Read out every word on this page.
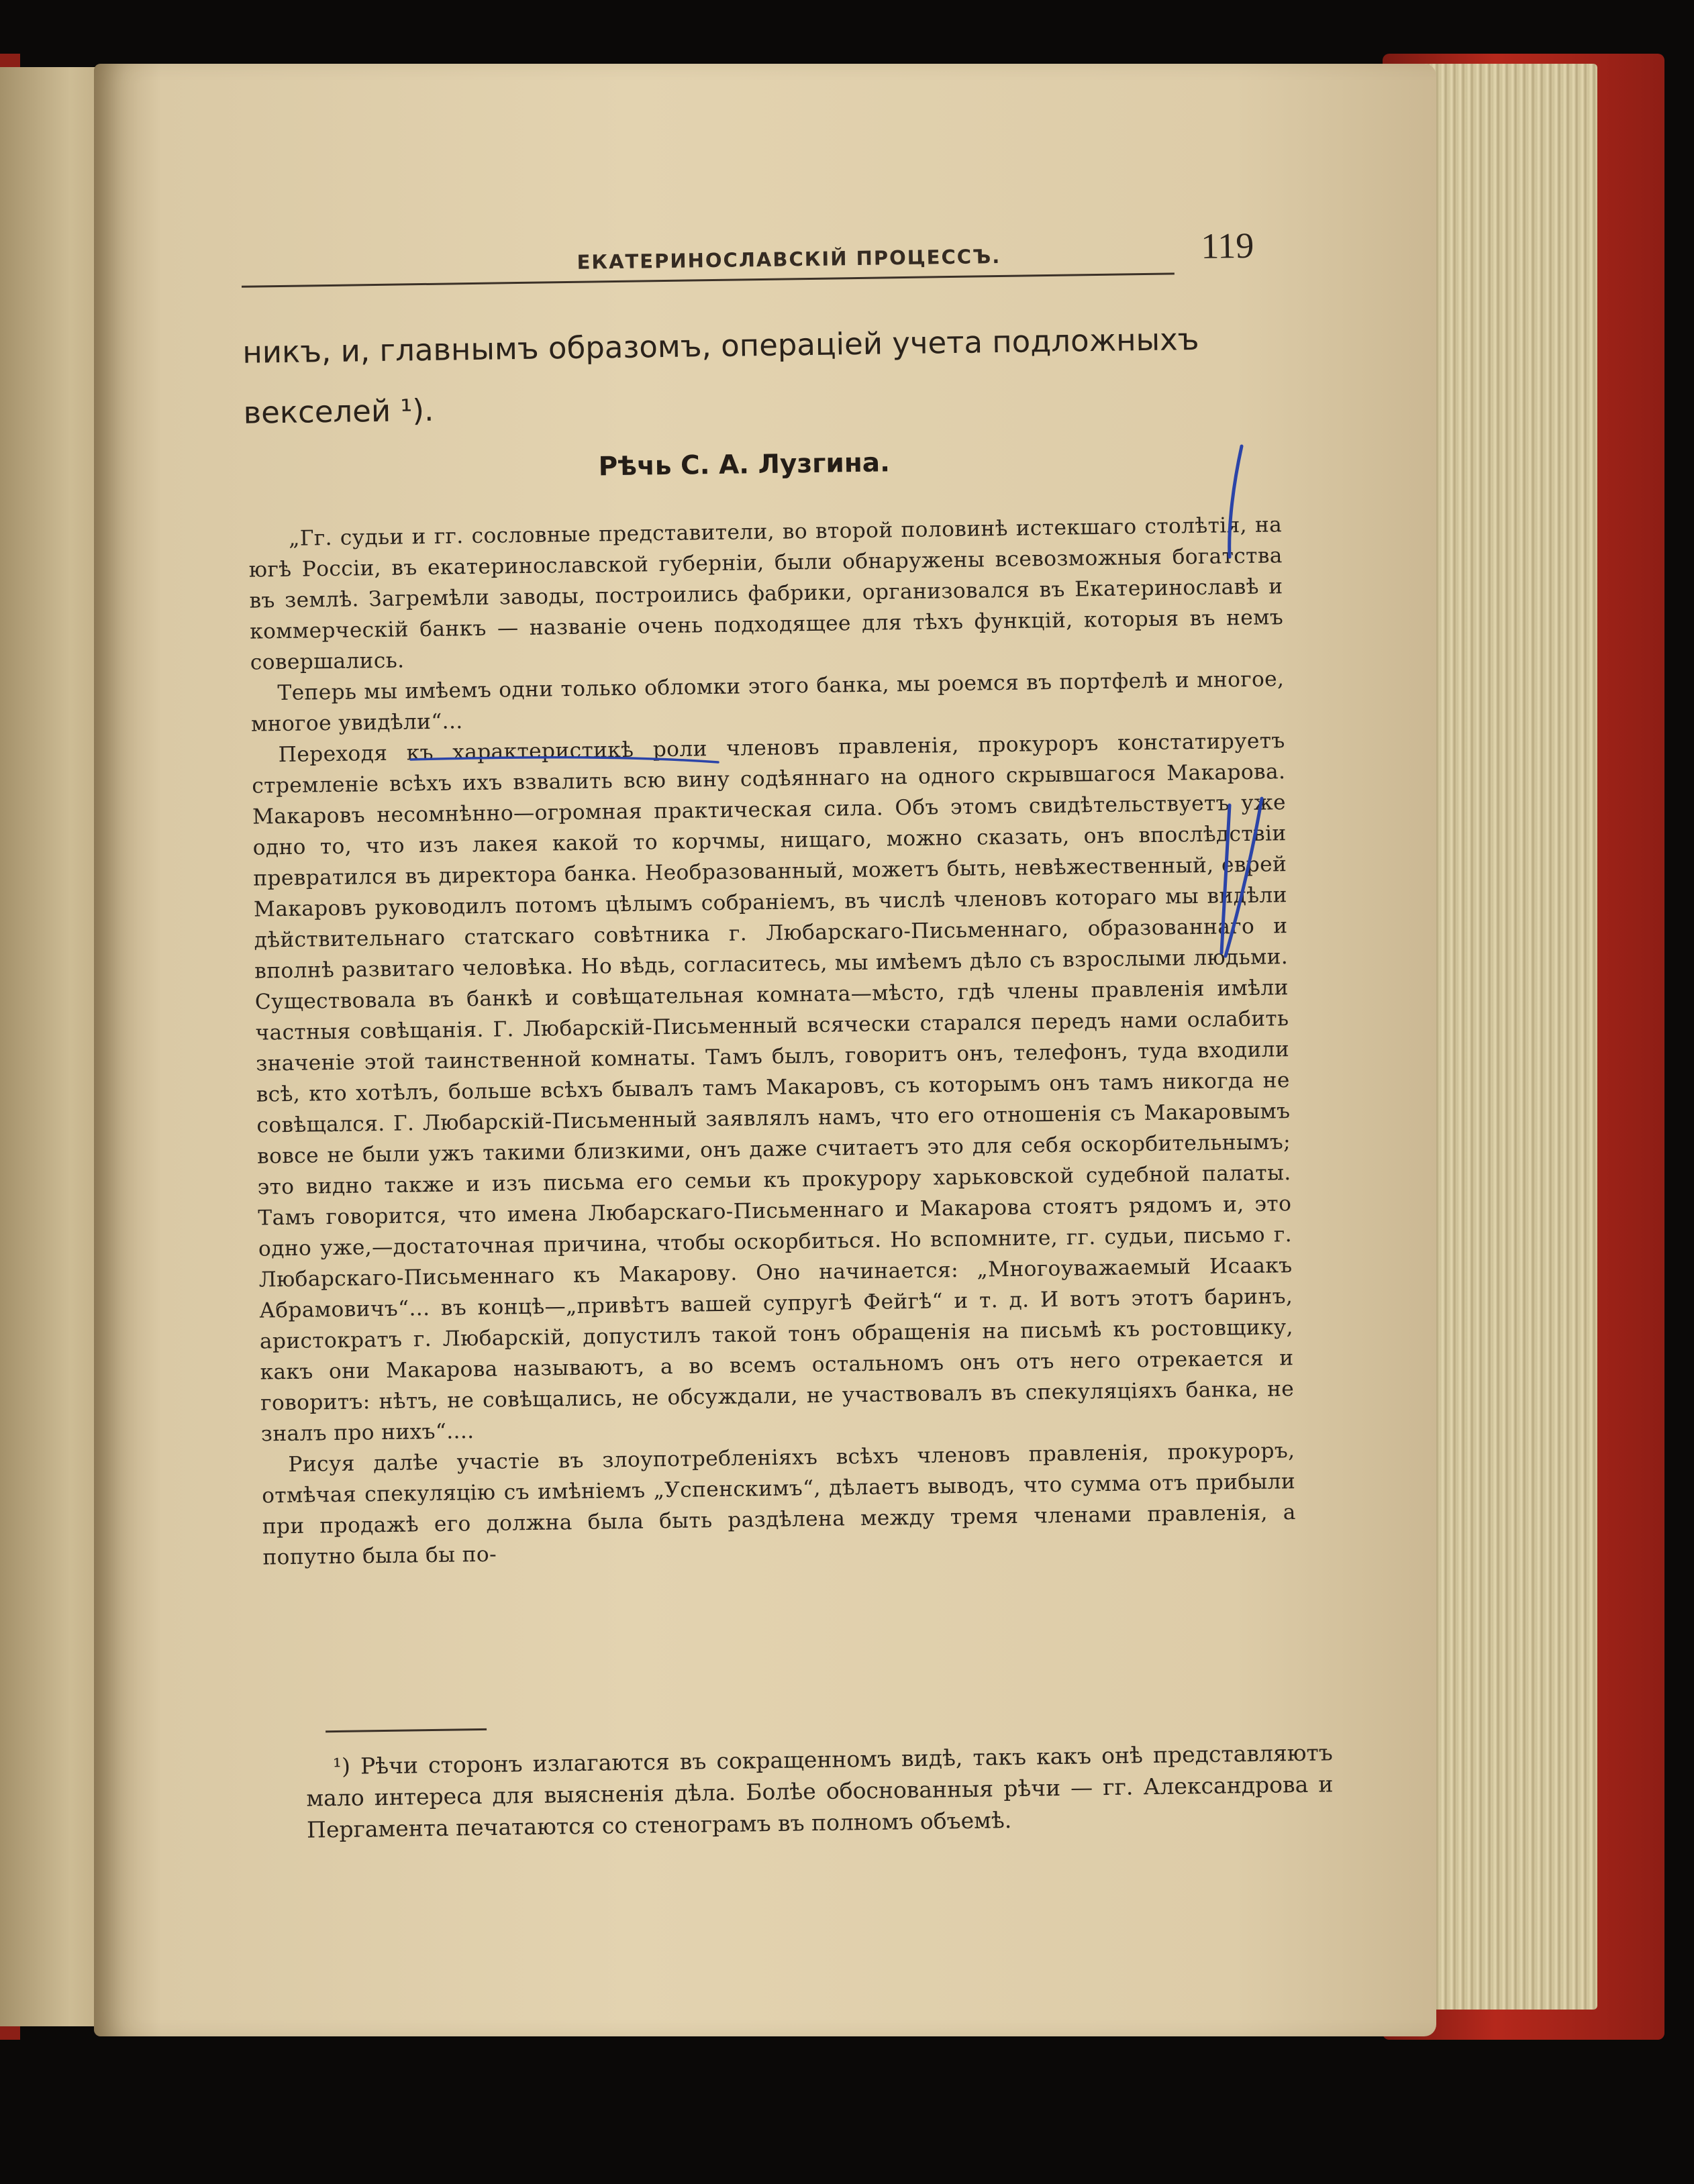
ЕКАТЕРИНОСЛАВСКІЙ ПРОЦЕССЪ.	119
никъ, и, главнымъ образомъ, операціей учета подложныхъ векселей ¹).
Рѣчь С. А. Лузгина.

„Гг. судьи и гг. сословные представители, во второй половинѣ истекшаго столѣтія, на югѣ Россіи, въ екатеринославской губерніи, были обнаружены всевозможныя богатства въ землѣ. Загремѣли заводы, построились фабрики, организовался въ Екатеринославѣ и коммерческій банкъ — названіе очень подходящее для тѣхъ функцій, которыя въ немъ совершались.

Теперь мы имѣемъ одни только обломки этого банка, мы роемся въ портфелѣ и многое, многое увидѣли“...

Переходя къ характеристикѣ роли членовъ правленія, прокуроръ констатируетъ стремленіе всѣхъ ихъ взвалить всю вину содѣяннаго на одного скрывшагося Макарова. Макаровъ несомнѣнно—огромная практическая сила. Объ этомъ свидѣтельствуетъ уже одно то, что изъ лакея какой то корчмы, нищаго, можно сказать, онъ впослѣдствіи превратился въ директора банка. Необразованный, можетъ быть, невѣжественный, еврей Макаровъ руководилъ потомъ цѣлымъ собраніемъ, въ числѣ членовъ котораго мы видѣли дѣйствительнаго статскаго совѣтника г. Любарскаго-Письменнаго, образованнаго и вполнѣ развитаго человѣка. Но вѣдь, согласитесь, мы имѣемъ дѣло съ взрослыми людьми. Существовала въ банкѣ и совѣщательная комната—мѣсто, гдѣ члены правленія имѣли частныя совѣщанія. Г. Любарскій-Письменный всячески старался передъ нами ослабить значеніе этой таинственной комнаты. Тамъ былъ, говоритъ онъ, телефонъ, туда входили всѣ, кто хотѣлъ, больше всѣхъ бывалъ тамъ Макаровъ, съ которымъ онъ тамъ никогда не совѣщался. Г. Любарскій-Письменный заявлялъ намъ, что его отношенія съ Макаровымъ вовсе не были ужъ такими близкими, онъ даже считаетъ это для себя оскорбительнымъ; это видно также и изъ письма его семьи къ прокурору харьковской судебной палаты. Тамъ говорится, что имена Любарскаго-Письменнаго и Макарова стоятъ рядомъ и, это одно уже,—достаточная причина, чтобы оскорбиться. Но вспомните, гг. судьи, письмо г. Любарскаго-Письменнаго къ Макарову. Оно начинается: „Многоуважаемый Исаакъ Абрамовичъ“... въ концѣ—„привѣтъ вашей супругѣ Фейгѣ“ и т. д. И вотъ этотъ баринъ, аристократъ г. Любарскій, допустилъ такой тонъ обращенія на письмѣ къ ростовщику, какъ они Макарова называютъ, а во всемъ остальномъ онъ отъ него отрекается и говоритъ: нѣтъ, не совѣщались, не обсуждали, не участвовалъ въ спекуляціяхъ банка, не зналъ про нихъ“....

Рисуя далѣе участіе въ злоупотребленіяхъ всѣхъ членовъ правленія, прокуроръ, отмѣчая спекуляцію съ имѣніемъ „Успенскимъ“, дѣлаетъ выводъ, что сумма отъ прибыли при продажѣ его должна была быть раздѣлена между тремя членами правленія, а попутно была бы по-

¹) Рѣчи сторонъ излагаются въ сокращенномъ видѣ, такъ какъ онѣ представляютъ мало интереса для выясненія дѣла. Болѣе обоснованныя рѣчи — гг. Александрова и Пергамента печатаются со стенограмъ въ полномъ объемѣ.
